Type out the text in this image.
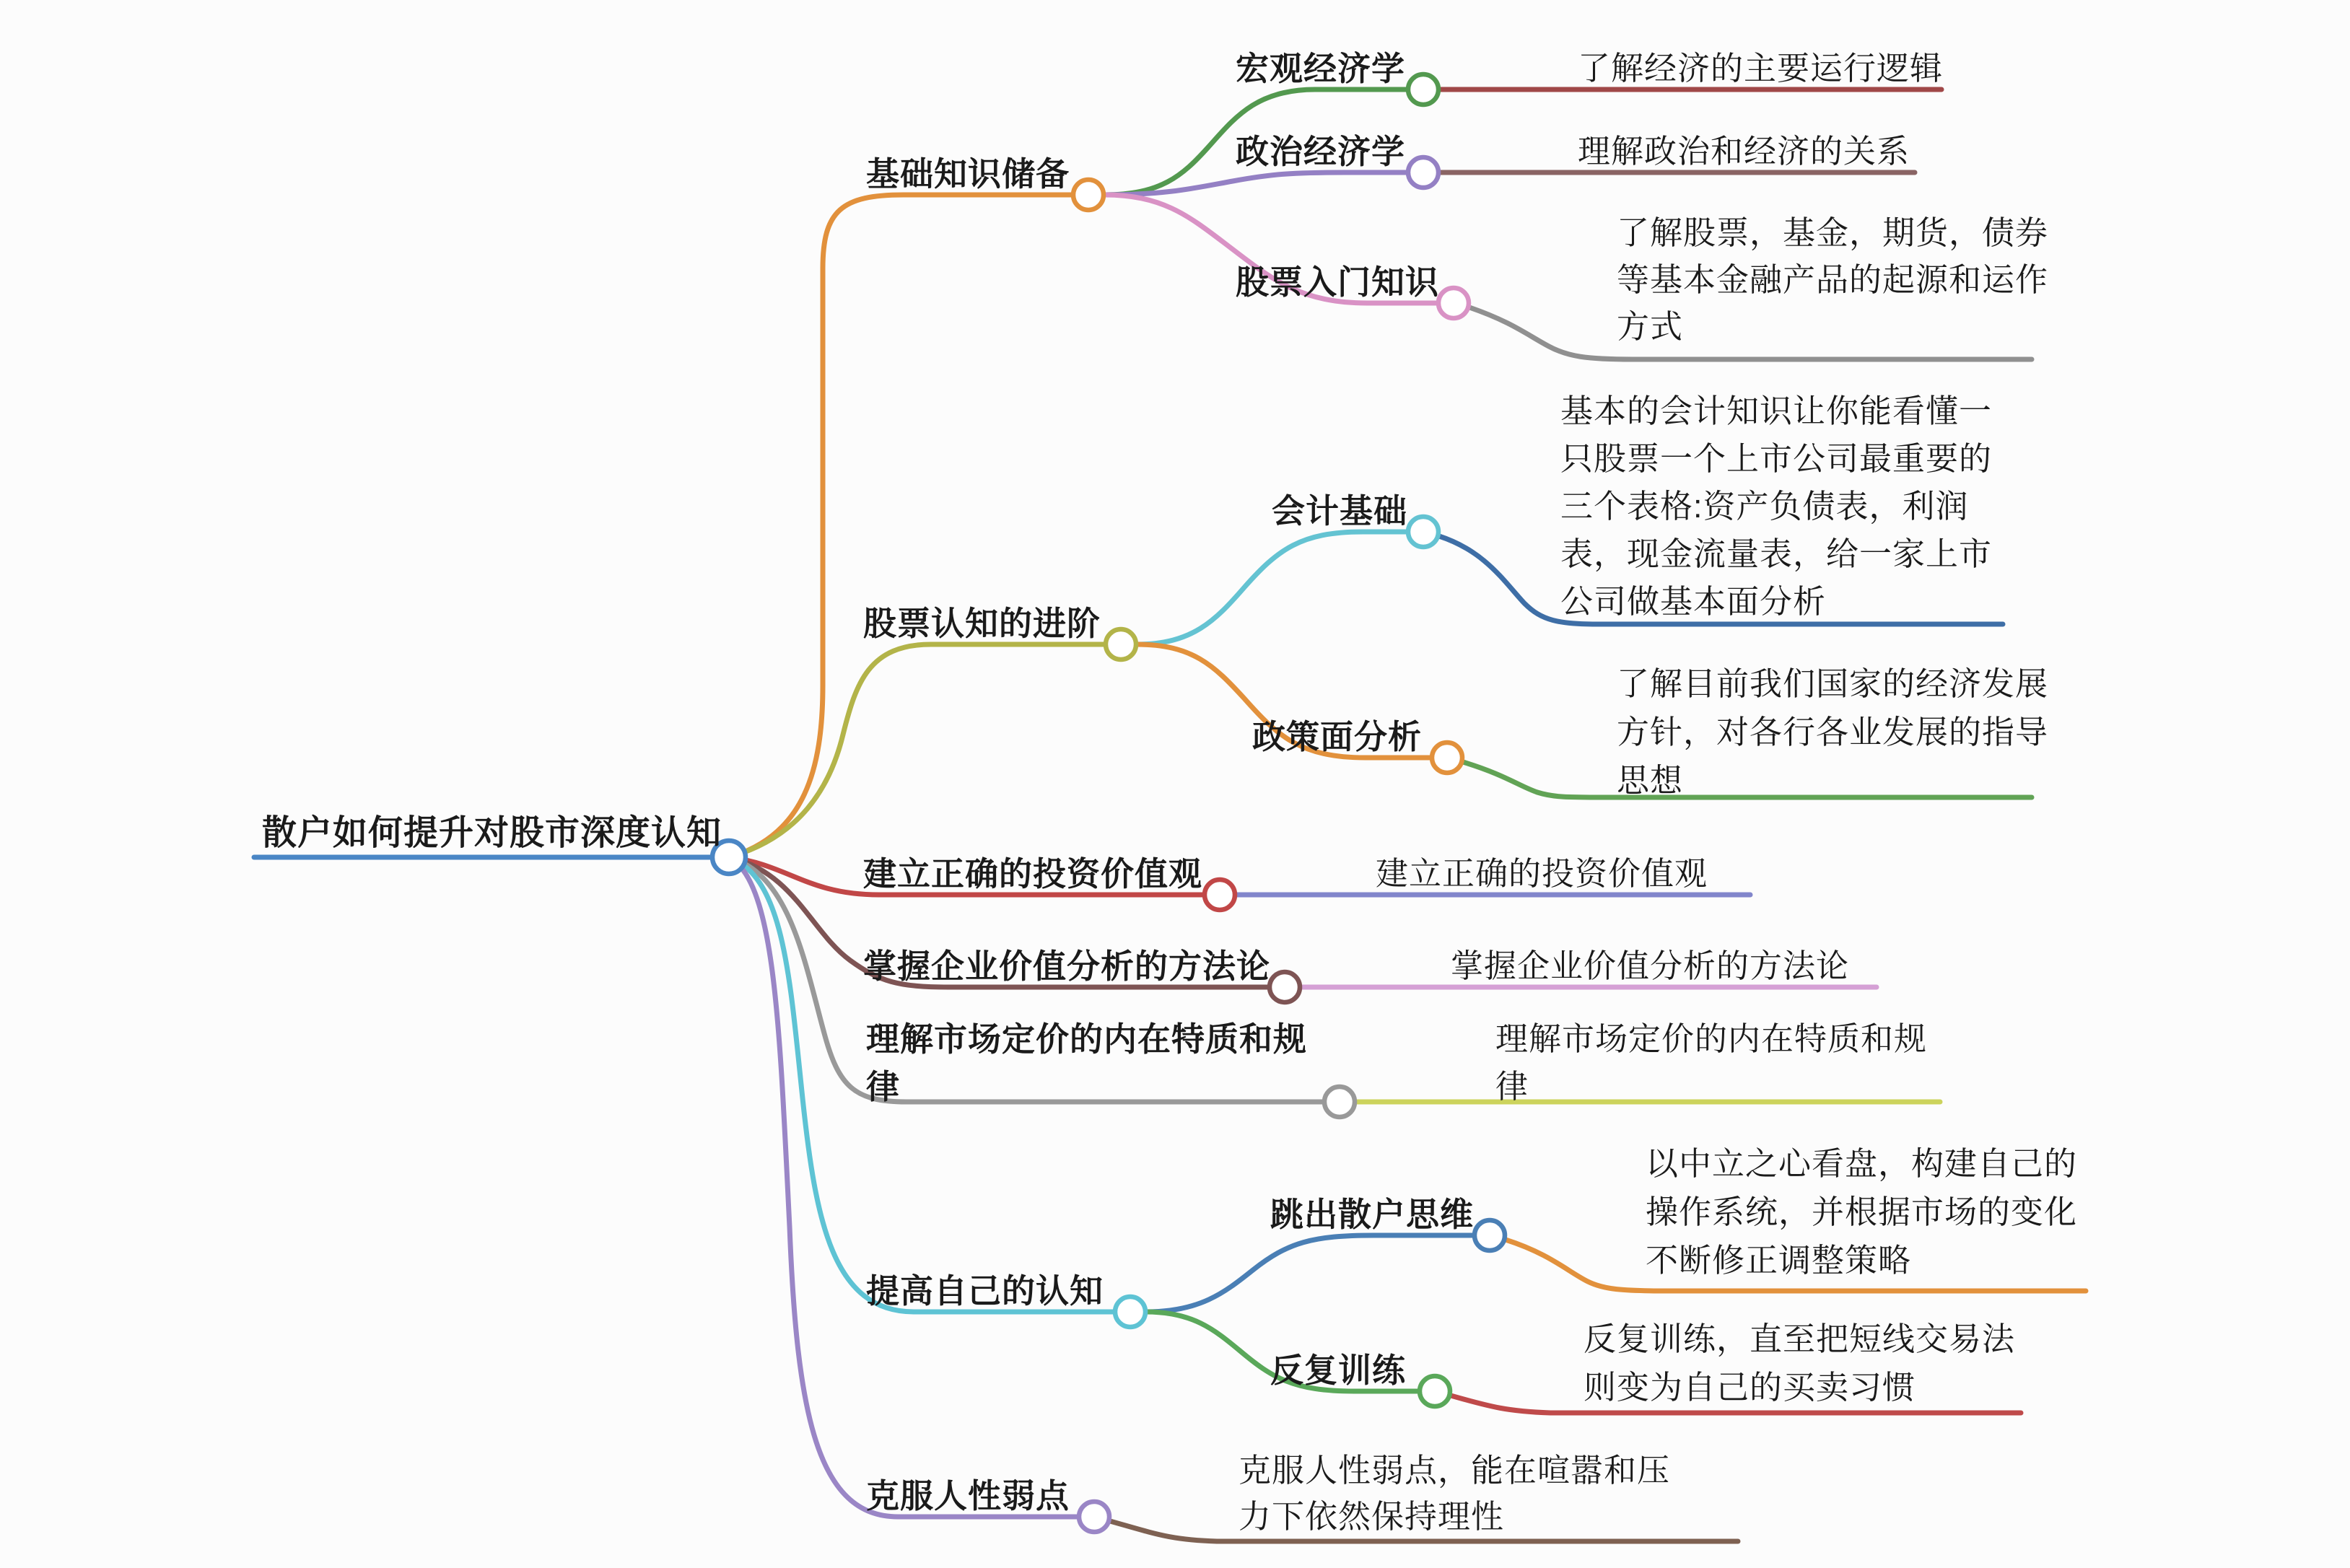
散户如何提升对股市深度认知
基础知识储备
宏观经济学	了解经济的主要运行逻辑
政治经济学	理解政治和经济的关系
股票入门知识
了解股票，基金，期货，债券等基本金融产品的起源和运作方式
股票认知的进阶
会计基础
基本的会计知识让你能看懂一只股票一个上市公司最重要的三个表格:资产负债表，利润表，现金流量表，给一家上市公司做基本面分析
政策面分析
了解目前我们国家的经济发展方针，对各行各业发展的指导思想
建立正确的投资价值观	建立正确的投资价值观
掌握企业价值分析的方法论	掌握企业价值分析的方法论
理解市场定价的内在特质和规律
理解市场定价的内在特质和规律
提高自己的认知
跳出散户思维
以中立之心看盘，构建自己的操作系统，并根据市场的变化不断修正调整策略
反复训练
反复训练，直至把短线交易法则变为自己的买卖习惯
克服人性弱点
克服人性弱点，能在喧嚣和压力下依然保持理性
